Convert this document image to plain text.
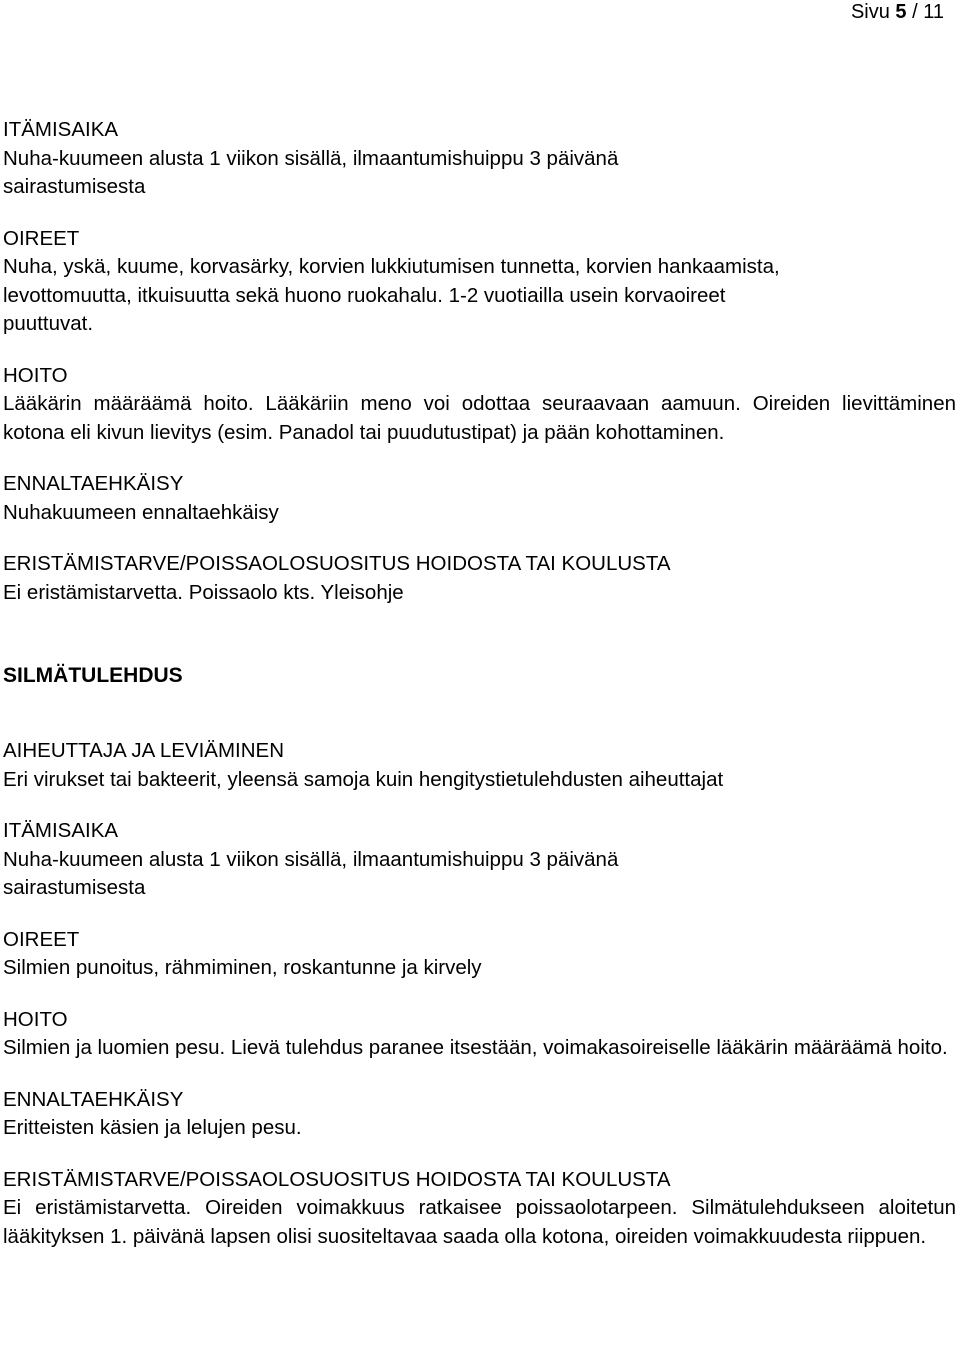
Sivu 5 / 11
ITÄMISAIKA
Nuha-kuumeen alusta 1 viikon sisällä, ilmaantumishuippu 3 päivänä sairastumisesta
OIREET
Nuha, yskä, kuume, korvasärky, korvien lukkiutumisen tunnetta, korvien hankaamista, levottomuutta, itkuisuutta sekä huono ruokahalu. 1-2 vuotiailla usein korvaoireet puuttuvat.
HOITO
Lääkärin määräämä hoito. Lääkäriin meno voi odottaa seuraavaan aamuun. Oireiden lievittäminen kotona eli kivun lievitys (esim. Panadol tai puudutustipat) ja pään kohottaminen.
ENNALTAEHKÄISY
Nuhakuumeen ennaltaehkäisy
ERISTÄMISTARVE/POISSAOLOSUOSITUS HOIDOSTA TAI KOULUSTA
Ei eristämistarvetta. Poissaolo kts. Yleisohje
SILMÄTULEHDUS
AIHEUTTAJA JA LEVIÄMINEN
Eri virukset tai bakteerit, yleensä samoja kuin hengitystietulehdusten aiheuttajat
ITÄMISAIKA
Nuha-kuumeen alusta 1 viikon sisällä, ilmaantumishuippu 3 päivänä sairastumisesta
OIREET
Silmien punoitus, rähmiminen, roskantunne ja kirvely
HOITO
Silmien ja luomien pesu. Lievä tulehdus paranee itsestään, voimakasoireiselle lääkärin määräämä hoito.
ENNALTAEHKÄISY
Eritteisten käsien ja lelujen pesu.
ERISTÄMISTARVE/POISSAOLOSUOSITUS HOIDOSTA TAI KOULUSTA
Ei eristämistarvetta. Oireiden voimakkuus ratkaisee poissaolotarpeen. Silmätulehdukseen aloitetun lääkityksen 1. päivänä lapsen olisi suositeltavaa saada olla kotona, oireiden voimakkuudesta riippuen.
